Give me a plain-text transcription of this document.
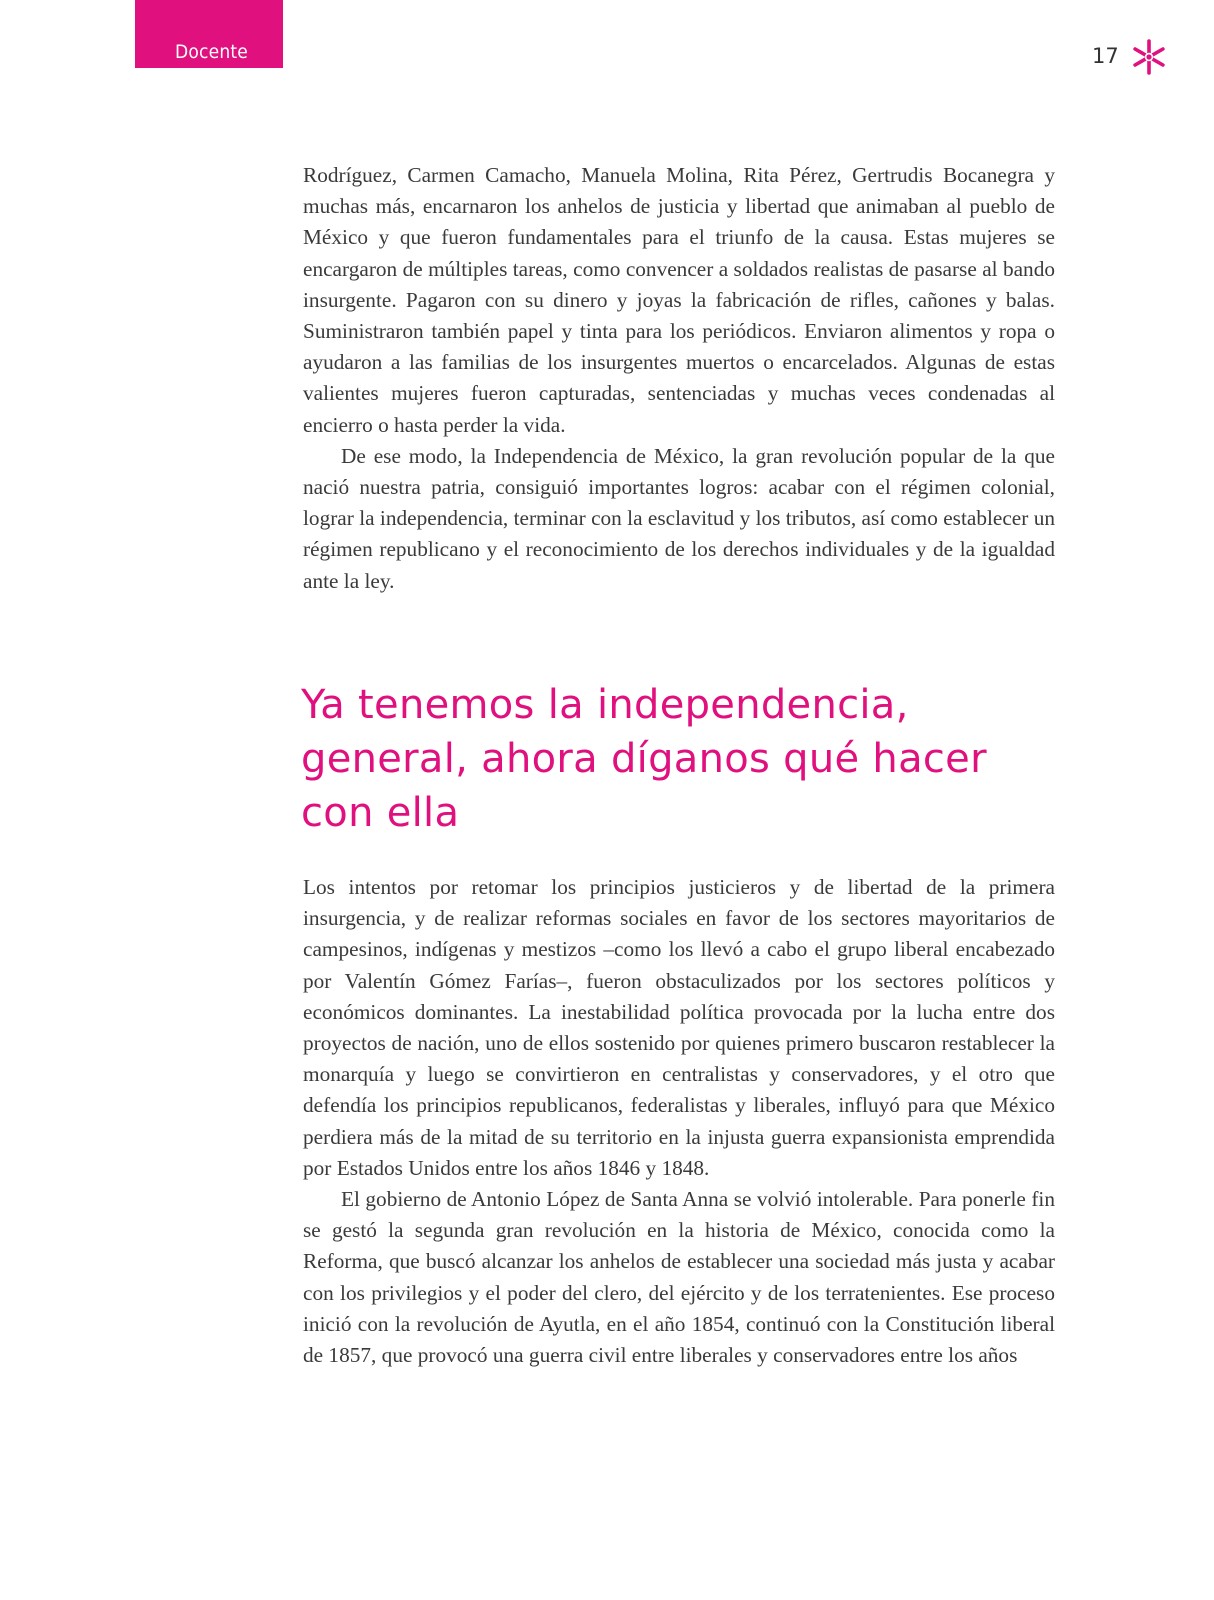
Docente	17

Rodríguez, Carmen Camacho, Manuela Molina, Rita Pérez, Gertrudis Bocanegra y muchas más, encarnaron los anhelos de justicia y libertad que animaban al pueblo de México y que fueron fundamentales para el triunfo de la causa. Estas mujeres se encargaron de múltiples tareas, como convencer a soldados realistas de pasarse al bando insurgente. Pagaron con su dinero y joyas la fabricación de rifles, cañones y balas. Suministraron también papel y tinta para los periódicos. Enviaron alimentos y ropa o ayudaron a las familias de los insurgentes muertos o encarcelados. Algunas de estas valientes mujeres fueron capturadas, sentenciadas y muchas veces condenadas al encierro o hasta perder la vida.

De ese modo, la Independencia de México, la gran revolución popular de la que nació nuestra patria, consiguió importantes logros: acabar con el régimen colonial, lograr la independencia, terminar con la esclavitud y los tributos, así como establecer un régimen republicano y el reconocimiento de los derechos individuales y de la igualdad ante la ley.

Ya tenemos la independencia, general, ahora díganos qué hacer con ella

Los intentos por retomar los principios justicieros y de libertad de la primera insurgencia, y de realizar reformas sociales en favor de los sectores mayoritarios de campesinos, indígenas y mestizos –como los llevó a cabo el grupo liberal encabezado por Valentín Gómez Farías–, fueron obstaculizados por los sectores políticos y económicos dominantes. La inestabilidad política provocada por la lucha entre dos proyectos de nación, uno de ellos sostenido por quienes primero buscaron restablecer la monarquía y luego se convirtieron en centralistas y conservadores, y el otro que defendía los principios republicanos, federalistas y liberales, influyó para que México perdiera más de la mitad de su territorio en la injusta guerra expansionista emprendida por Estados Unidos entre los años 1846 y 1848.

El gobierno de Antonio López de Santa Anna se volvió intolerable. Para ponerle fin se gestó la segunda gran revolución en la historia de México, conocida como la Reforma, que buscó alcanzar los anhelos de establecer una sociedad más justa y acabar con los privilegios y el poder del clero, del ejército y de los terratenientes. Ese proceso inició con la revolución de Ayutla, en el año 1854, continuó con la Constitución liberal de 1857, que provocó una guerra civil entre liberales y conservadores entre los años
